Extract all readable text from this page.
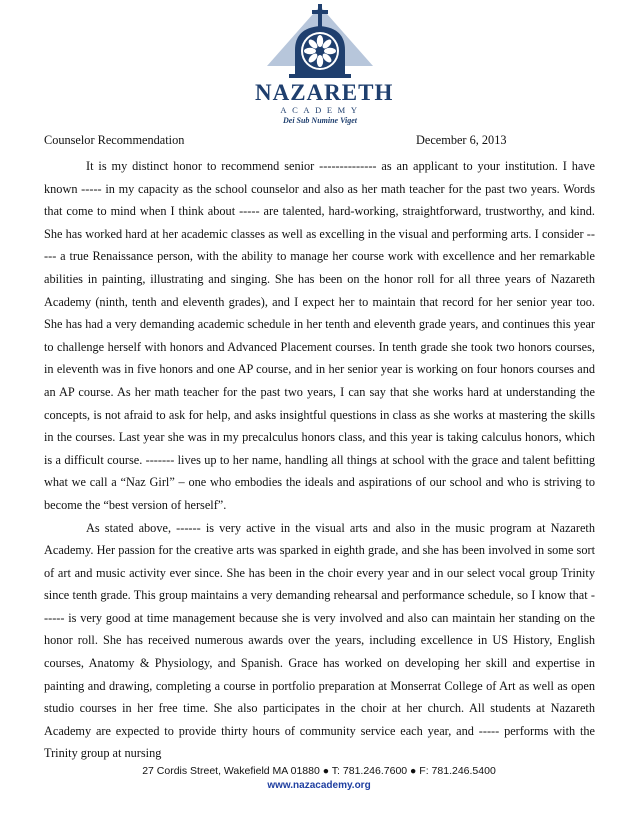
NAZARETH
ACADEMY
Dei Sub Numine Viget
Counselor Recommendation	December 6, 2013

It is my distinct honor to recommend senior -------------- as an applicant to your institution. I have known ----- in my capacity as the school counselor and also as her math teacher for the past two years. Words that come to mind when I think about ----- are talented, hard-working, straightforward, trustworthy, and kind. She has worked hard at her academic classes as well as excelling in the visual and performing arts. I consider ----- a true Renaissance person, with the ability to manage her course work with excellence and her remarkable abilities in painting, illustrating and singing. She has been on the honor roll for all three years of Nazareth Academy (ninth, tenth and eleventh grades), and I expect her to maintain that record for her senior year too. She has had a very demanding academic schedule in her tenth and eleventh grade years, and continues this year to challenge herself with honors and Advanced Placement courses. In tenth grade she took two honors courses, in eleventh was in five honors and one AP course, and in her senior year is working on four honors courses and an AP course. As her math teacher for the past two years, I can say that she works hard at understanding the concepts, is not afraid to ask for help, and asks insightful questions in class as she works at mastering the skills in the courses. Last year she was in my precalculus honors class, and this year is taking calculus honors, which is a difficult course. ------- lives up to her name, handling all things at school with the grace and talent befitting what we call a “Naz Girl” – one who embodies the ideals and aspirations of our school and who is striving to become the “best version of herself”.

As stated above, ------ is very active in the visual arts and also in the music program at Nazareth Academy. Her passion for the creative arts was sparked in eighth grade, and she has been involved in some sort of art and music activity ever since. She has been in the choir every year and in our select vocal group Trinity since tenth grade. This group maintains a very demanding rehearsal and performance schedule, so I know that ------ is very good at time management because she is very involved and also can maintain her standing on the honor roll. She has received numerous awards over the years, including excellence in US History, English courses, Anatomy & Physiology, and Spanish. Grace has worked on developing her skill and expertise in painting and drawing, completing a course in portfolio preparation at Monserrat College of Art as well as open studio courses in her free time. She also participates in the choir at her church. All students at Nazareth Academy are expected to provide thirty hours of community service each year, and ----- performs with the Trinity group at nursing

27 Cordis Street, Wakefield MA 01880 ● T: 781.246.7600 ● F: 781.246.5400
www.nazacademy.org
